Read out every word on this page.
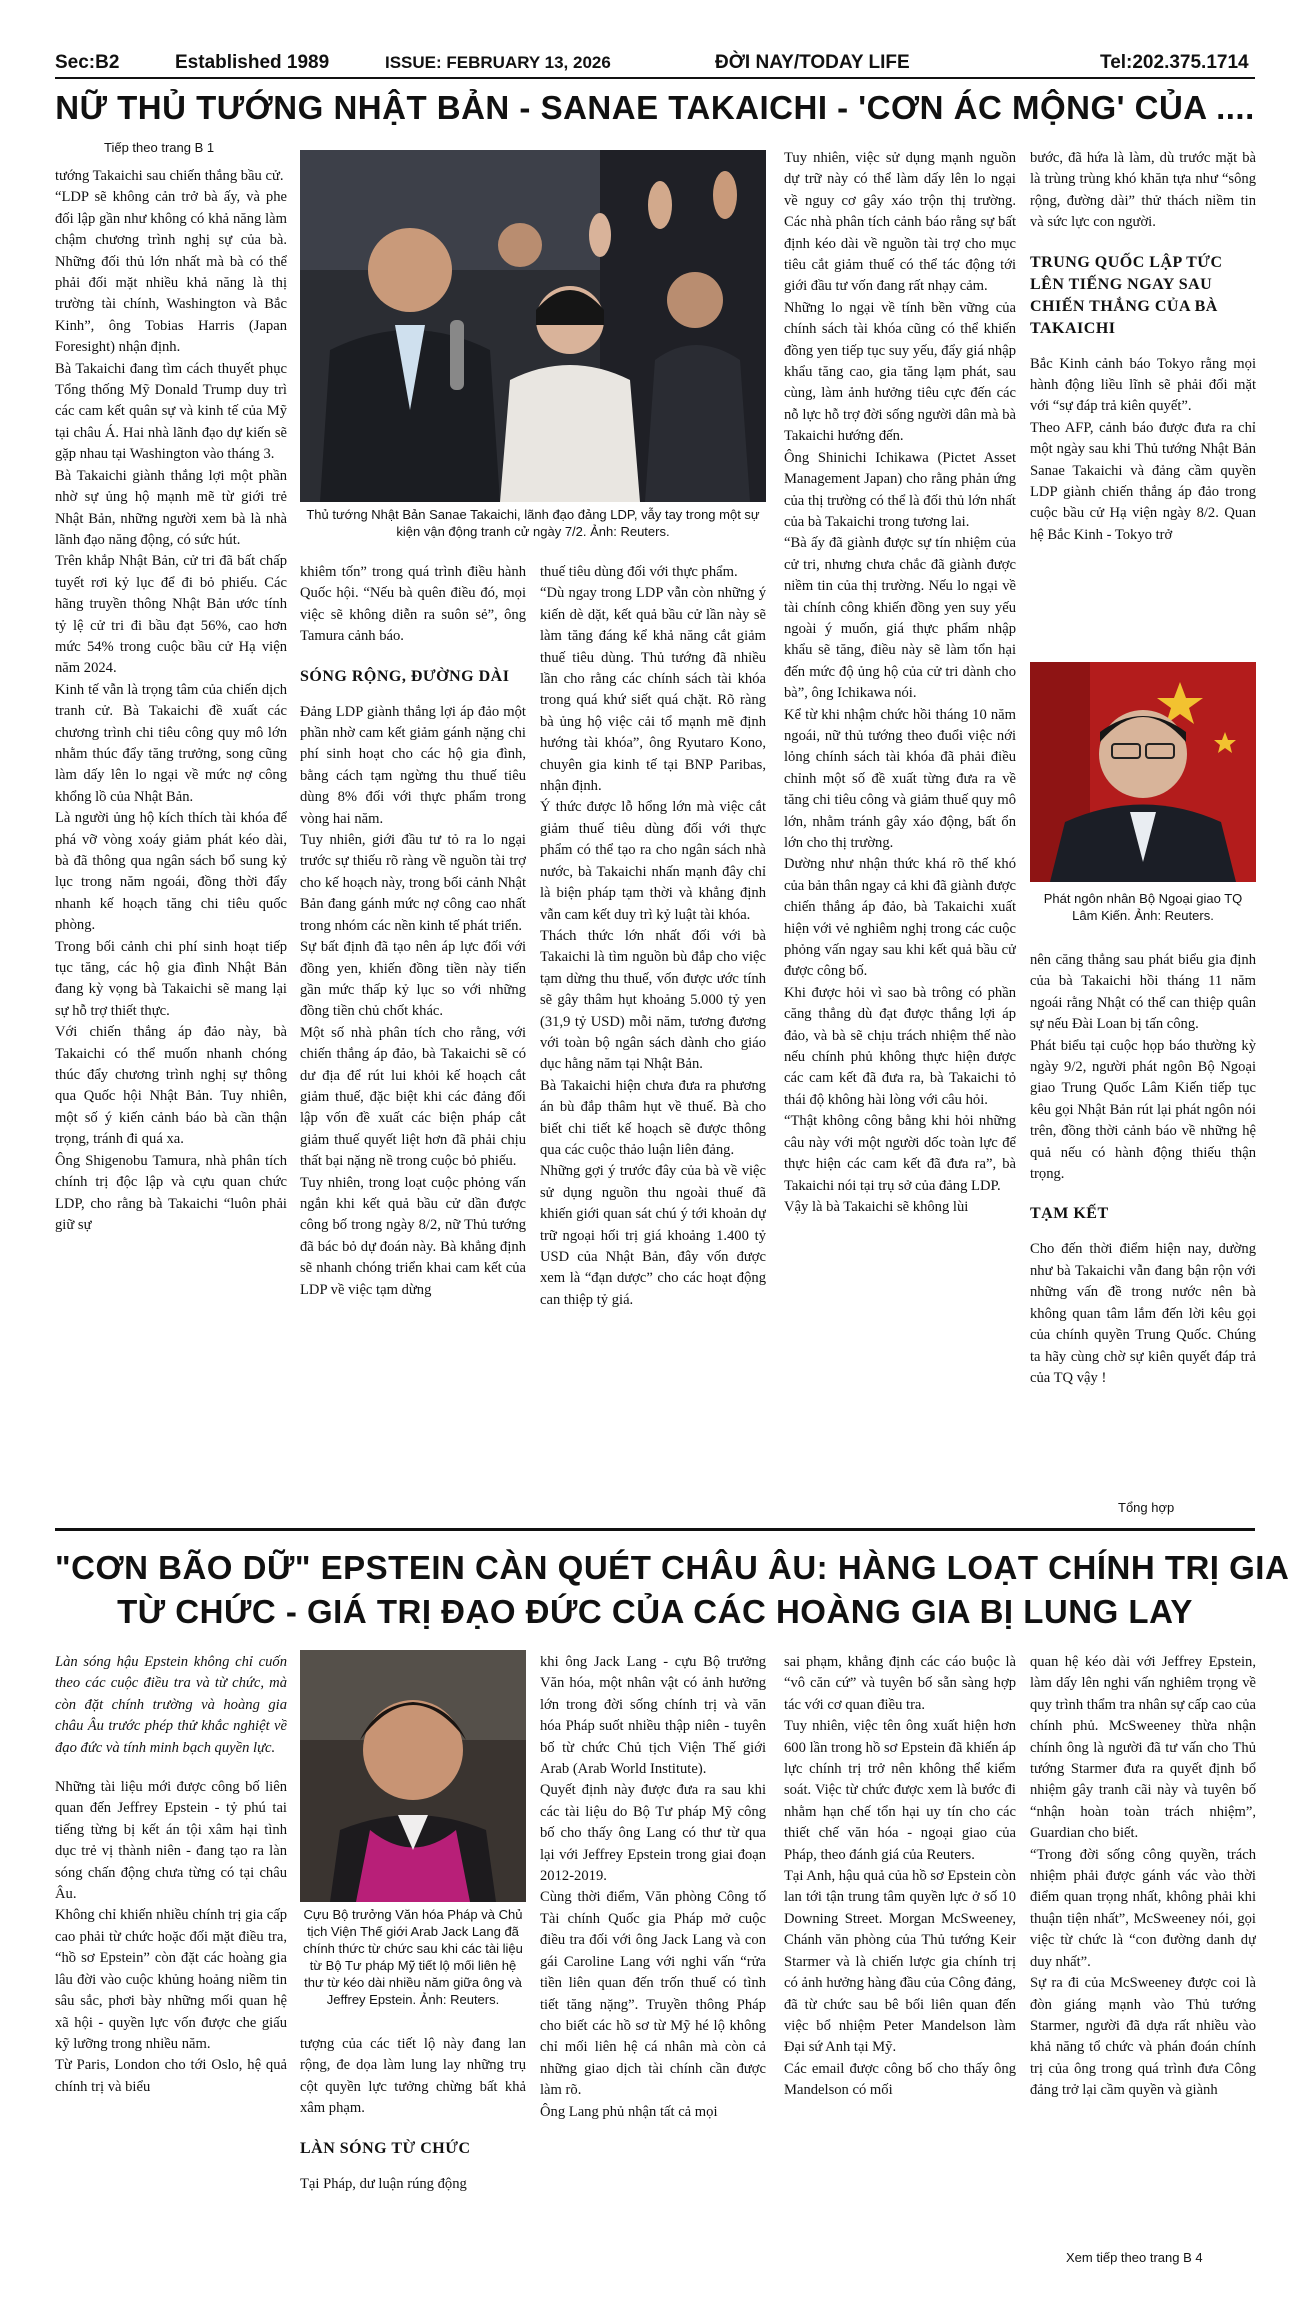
Sec:B2	Established 1989	ISSUE: FEBRUARY 13, 2026	ĐỜI NAY/TODAY LIFE	Tel:202.375.1714
NỮ THỦ TƯỚNG NHẬT BẢN - SANAE TAKAICHI - 'CƠN ÁC MỘNG' CỦA ....
Tiếp theo trang B 1

tướng Takaichi sau chiến thắng bầu cử.

“LDP sẽ không cản trở bà ấy, và phe đối lập gần như không có khả năng làm chậm chương trình nghị sự của bà. Những đối thủ lớn nhất mà bà có thể phải đối mặt nhiều khả năng là thị trường tài chính, Washington và Bắc Kinh”, ông Tobias Harris (Japan Foresight) nhận định.

Bà Takaichi đang tìm cách thuyết phục Tổng thống Mỹ Donald Trump duy trì các cam kết quân sự và kinh tế của Mỹ tại châu Á. Hai nhà lãnh đạo dự kiến sẽ gặp nhau tại Washington vào tháng 3.

Bà Takaichi giành thắng lợi một phần nhờ sự ủng hộ mạnh mẽ từ giới trẻ Nhật Bản, những người xem bà là nhà lãnh đạo năng động, có sức hút.

Trên khắp Nhật Bản, cử tri đã bất chấp tuyết rơi kỷ lục để đi bỏ phiếu. Các hãng truyền thông Nhật Bản ước tính tỷ lệ cử tri đi bầu đạt 56%, cao hơn mức 54% trong cuộc bầu cử Hạ viện năm 2024.

Kinh tế vẫn là trọng tâm của chiến dịch tranh cử. Bà Takaichi đề xuất các chương trình chi tiêu công quy mô lớn nhằm thúc đẩy tăng trưởng, song cũng làm dấy lên lo ngại về mức nợ công khổng lồ của Nhật Bản.

Là người ủng hộ kích thích tài khóa để phá vỡ vòng xoáy giảm phát kéo dài, bà đã thông qua ngân sách bổ sung kỷ lục trong năm ngoái, đồng thời đẩy nhanh kế hoạch tăng chi tiêu quốc phòng.

Trong bối cảnh chi phí sinh hoạt tiếp tục tăng, các hộ gia đình Nhật Bản đang kỳ vọng bà Takaichi sẽ mang lại sự hỗ trợ thiết thực.

Với chiến thắng áp đảo này, bà Takaichi có thể muốn nhanh chóng thúc đẩy chương trình nghị sự thông qua Quốc hội Nhật Bản. Tuy nhiên, một số ý kiến cảnh báo bà cần thận trọng, tránh đi quá xa.

Ông Shigenobu Tamura, nhà phân tích chính trị độc lập và cựu quan chức LDP, cho rằng bà Takaichi “luôn phải giữ sự

Thủ tướng Nhật Bản Sanae Takaichi, lãnh đạo đảng LDP, vẫy tay trong một sự kiện vận động tranh cử ngày 7/2. Ảnh: Reuters.

khiêm tốn” trong quá trình điều hành Quốc hội. “Nếu bà quên điều đó, mọi việc sẽ không diễn ra suôn sẻ”, ông Tamura cảnh báo.

SÓNG RỘNG, ĐƯỜNG DÀI

Đảng LDP giành thắng lợi áp đảo một phần nhờ cam kết giảm gánh nặng chi phí sinh hoạt cho các hộ gia đình, bằng cách tạm ngừng thu thuế tiêu dùng 8% đối với thực phẩm trong vòng hai năm.

Tuy nhiên, giới đầu tư tỏ ra lo ngại trước sự thiếu rõ ràng về nguồn tài trợ cho kế hoạch này, trong bối cảnh Nhật Bản đang gánh mức nợ công cao nhất trong nhóm các nền kinh tế phát triển.

Sự bất định đã tạo nên áp lực đối với đồng yen, khiến đồng tiền này tiến gần mức thấp kỷ lục so với những đồng tiền chủ chốt khác.

Một số nhà phân tích cho rằng, với chiến thắng áp đảo, bà Takaichi sẽ có dư địa để rút lui khỏi kế hoạch cắt giảm thuế, đặc biệt khi các đảng đối lập vốn đề xuất các biện pháp cắt giảm thuế quyết liệt hơn đã phải chịu thất bại nặng nề trong cuộc bỏ phiếu.

Tuy nhiên, trong loạt cuộc phỏng vấn ngắn khi kết quả bầu cử dần được công bố trong ngày 8/2, nữ Thủ tướng đã bác bỏ dự đoán này. Bà khẳng định sẽ nhanh chóng triển khai cam kết của LDP về việc tạm dừng

thuế tiêu dùng đối với thực phẩm.

“Dù ngay trong LDP vẫn còn những ý kiến dè dặt, kết quả bầu cử lần này sẽ làm tăng đáng kể khả năng cắt giảm thuế tiêu dùng. Thủ tướng đã nhiều lần cho rằng các chính sách tài khóa trong quá khứ siết quá chặt. Rõ ràng bà ủng hộ việc cải tổ mạnh mẽ định hướng tài khóa”, ông Ryutaro Kono, chuyên gia kinh tế tại BNP Paribas, nhận định.

Ý thức được lỗ hổng lớn mà việc cắt giảm thuế tiêu dùng đối với thực phẩm có thể tạo ra cho ngân sách nhà nước, bà Takaichi nhấn mạnh đây chỉ là biện pháp tạm thời và khẳng định vẫn cam kết duy trì kỷ luật tài khóa.

Thách thức lớn nhất đối với bà Takaichi là tìm nguồn bù đắp cho việc tạm dừng thu thuế, vốn được ước tính sẽ gây thâm hụt khoảng 5.000 tỷ yen (31,9 tỷ USD) mỗi năm, tương đương với toàn bộ ngân sách dành cho giáo dục hằng năm tại Nhật Bản.

Bà Takaichi hiện chưa đưa ra phương án bù đắp thâm hụt về thuế. Bà cho biết chi tiết kế hoạch sẽ được thông qua các cuộc thảo luận liên đảng.

Những gợi ý trước đây của bà về việc sử dụng nguồn thu ngoài thuế đã khiến giới quan sát chú ý tới khoản dự trữ ngoại hối trị giá khoảng 1.400 tỷ USD của Nhật Bản, đây vốn được xem là “đạn dược” cho các hoạt động can thiệp tỷ giá.

Tuy nhiên, việc sử dụng mạnh nguồn dự trữ này có thể làm dấy lên lo ngại về nguy cơ gây xáo trộn thị trường. Các nhà phân tích cảnh báo rằng sự bất định kéo dài về nguồn tài trợ cho mục tiêu cắt giảm thuế có thể tác động tới giới đầu tư vốn đang rất nhạy cảm.

Những lo ngại về tính bền vững của chính sách tài khóa cũng có thể khiến đồng yen tiếp tục suy yếu, đẩy giá nhập khẩu tăng cao, gia tăng lạm phát, sau cùng, làm ảnh hưởng tiêu cực đến các nỗ lực hỗ trợ đời sống người dân mà bà Takaichi hướng đến.

Ông Shinichi Ichikawa (Pictet Asset Management Japan) cho rằng phản ứng của thị trường có thể là đối thủ lớn nhất của bà Takaichi trong tương lai.

“Bà ấy đã giành được sự tín nhiệm của cử tri, nhưng chưa chắc đã giành được niềm tin của thị trường. Nếu lo ngại về tài chính công khiến đồng yen suy yếu ngoài ý muốn, giá thực phẩm nhập khẩu sẽ tăng, điều này sẽ làm tổn hại đến mức độ ủng hộ của cử tri dành cho bà”, ông Ichikawa nói.

Kể từ khi nhậm chức hồi tháng 10 năm ngoái, nữ thủ tướng theo đuổi việc nới lỏng chính sách tài khóa đã phải điều chỉnh một số đề xuất từng đưa ra về tăng chi tiêu công và giảm thuế quy mô lớn, nhằm tránh gây xáo động, bất ổn lớn cho thị trường.

Dường như nhận thức khá rõ thế khó của bản thân ngay cả khi đã giành được chiến thắng áp đảo, bà Takaichi xuất hiện với vẻ nghiêm nghị trong các cuộc phỏng vấn ngay sau khi kết quả bầu cử được công bố.

Khi được hỏi vì sao bà trông có phần căng thẳng dù đạt được thắng lợi áp đảo, và bà sẽ chịu trách nhiệm thế nào nếu chính phủ không thực hiện được các cam kết đã đưa ra, bà Takaichi tỏ thái độ không hài lòng với câu hỏi.

“Thật không công bằng khi hỏi những câu này với một người dốc toàn lực để thực hiện các cam kết đã đưa ra”, bà Takaichi nói tại trụ sở của đảng LDP.

Vậy là bà Takaichi sẽ không lùi

bước, đã hứa là làm, dù trước mặt bà là trùng trùng khó khăn tựa như “sông rộng, đường dài” thử thách niềm tin và sức lực con người.

TRUNG QUỐC LẬP TỨC LÊN TIẾNG NGAY SAU CHIẾN THẮNG CỦA BÀ TAKAICHI

Bắc Kinh cảnh báo Tokyo rằng mọi hành động liều lĩnh sẽ phải đối mặt với “sự đáp trả kiên quyết”.

Theo AFP, cảnh báo được đưa ra chỉ một ngày sau khi Thủ tướng Nhật Bản Sanae Takaichi và đảng cầm quyền LDP giành chiến thắng áp đảo trong cuộc bầu cử Hạ viện ngày 8/2. Quan hệ Bắc Kinh - Tokyo trở

Phát ngôn nhân Bộ Ngoại giao TQ Lâm Kiến. Ảnh: Reuters.

nên căng thẳng sau phát biểu gia định của bà Takaichi hồi tháng 11 năm ngoái rằng Nhật có thể can thiệp quân sự nếu Đài Loan bị tấn công.

Phát biểu tại cuộc họp báo thường kỳ ngày 9/2, người phát ngôn Bộ Ngoại giao Trung Quốc Lâm Kiến tiếp tục kêu gọi Nhật Bản rút lại phát ngôn nói trên, đồng thời cảnh báo về những hệ quả nếu có hành động thiếu thận trọng.

TẠM KẾT

Cho đến thời điểm hiện nay, dường như bà Takaichi vẫn đang bận rộn với những vấn đề trong nước nên bà không quan tâm lắm đến lời kêu gọi của chính quyền Trung Quốc. Chúng ta hãy cùng chờ sự kiên quyết đáp trả của TQ vậy !

Tổng hợp
"CƠN BÃO DỮ" EPSTEIN CÀN QUÉT CHÂU ÂU: HÀNG LOẠT CHÍNH TRỊ GIA
TỪ CHỨC - GIÁ TRỊ ĐẠO ĐỨC CỦA CÁC HOÀNG GIA BỊ LUNG LAY

Làn sóng hậu Epstein không chỉ cuốn theo các cuộc điều tra và từ chức, mà còn đặt chính trường và hoàng gia châu Âu trước phép thử khắc nghiệt về đạo đức và tính minh bạch quyền lực.

Những tài liệu mới được công bố liên quan đến Jeffrey Epstein - tỷ phú tai tiếng từng bị kết án tội xâm hại tình dục trẻ vị thành niên - đang tạo ra làn sóng chấn động chưa từng có tại châu Âu.

Không chỉ khiến nhiều chính trị gia cấp cao phải từ chức hoặc đối mặt điều tra, “hồ sơ Epstein” còn đặt các hoàng gia lâu đời vào cuộc khủng hoảng niềm tin sâu sắc, phơi bày những mối quan hệ xã hội - quyền lực vốn được che giấu kỹ lưỡng trong nhiều năm.

Từ Paris, London cho tới Oslo, hệ quả chính trị và biểu

Cựu Bộ trưởng Văn hóa Pháp và Chủ tịch Viện Thế giới Arab Jack Lang đã chính thức từ chức sau khi các tài liệu từ Bộ Tư pháp Mỹ tiết lộ mối liên hệ thư từ kéo dài nhiều năm giữa ông và Jeffrey Epstein. Ảnh: Reuters.

tượng của các tiết lộ này đang lan rộng, đe dọa làm lung lay những trụ cột quyền lực tưởng chừng bất khả xâm phạm.

LÀN SÓNG TỪ CHỨC

Tại Pháp, dư luận rúng động

khi ông Jack Lang - cựu Bộ trưởng Văn hóa, một nhân vật có ảnh hưởng lớn trong đời sống chính trị và văn hóa Pháp suốt nhiều thập niên - tuyên bố từ chức Chủ tịch Viện Thế giới Arab (Arab World Institute).

Quyết định này được đưa ra sau khi các tài liệu do Bộ Tư pháp Mỹ công bố cho thấy ông Lang có thư từ qua lại với Jeffrey Epstein trong giai đoạn 2012-2019.

Cùng thời điểm, Văn phòng Công tố Tài chính Quốc gia Pháp mở cuộc điều tra đối với ông Jack Lang và con gái Caroline Lang với nghi vấn “rửa tiền liên quan đến trốn thuế có tình tiết tăng nặng”. Truyền thông Pháp cho biết các hồ sơ từ Mỹ hé lộ không chỉ mối liên hệ cá nhân mà còn cả những giao dịch tài chính cần được làm rõ.

Ông Lang phủ nhận tất cả mọi

sai phạm, khẳng định các cáo buộc là “vô căn cứ” và tuyên bố sẵn sàng hợp tác với cơ quan điều tra.

Tuy nhiên, việc tên ông xuất hiện hơn 600 lần trong hồ sơ Epstein đã khiến áp lực chính trị trở nên không thể kiểm soát. Việc từ chức được xem là bước đi nhằm hạn chế tổn hại uy tín cho các thiết chế văn hóa - ngoại giao của Pháp, theo đánh giá của Reuters.

Tại Anh, hậu quả của hồ sơ Epstein còn lan tới tận trung tâm quyền lực ở số 10 Downing Street. Morgan McSweeney, Chánh văn phòng của Thủ tướng Keir Starmer và là chiến lược gia chính trị có ảnh hưởng hàng đầu của Công đảng, đã từ chức sau bê bối liên quan đến việc bổ nhiệm Peter Mandelson làm Đại sứ Anh tại Mỹ.

Các email được công bố cho thấy ông Mandelson có mối

quan hệ kéo dài với Jeffrey Epstein, làm dấy lên nghi vấn nghiêm trọng về quy trình thẩm tra nhân sự cấp cao của chính phủ. McSweeney thừa nhận chính ông là người đã tư vấn cho Thủ tướng Starmer đưa ra quyết định bổ nhiệm gây tranh cãi này và tuyên bố “nhận hoàn toàn trách nhiệm”, Guardian cho biết.

“Trong đời sống công quyền, trách nhiệm phải được gánh vác vào thời điểm quan trọng nhất, không phải khi thuận tiện nhất”, McSweeney nói, gọi việc từ chức là “con đường danh dự duy nhất”.

Sự ra đi của McSweeney được coi là đòn giáng mạnh vào Thủ tướng Starmer, người đã dựa rất nhiều vào khả năng tổ chức và phán đoán chính trị của ông trong quá trình đưa Công đảng trở lại cầm quyền và giành

Xem tiếp theo trang B 4
